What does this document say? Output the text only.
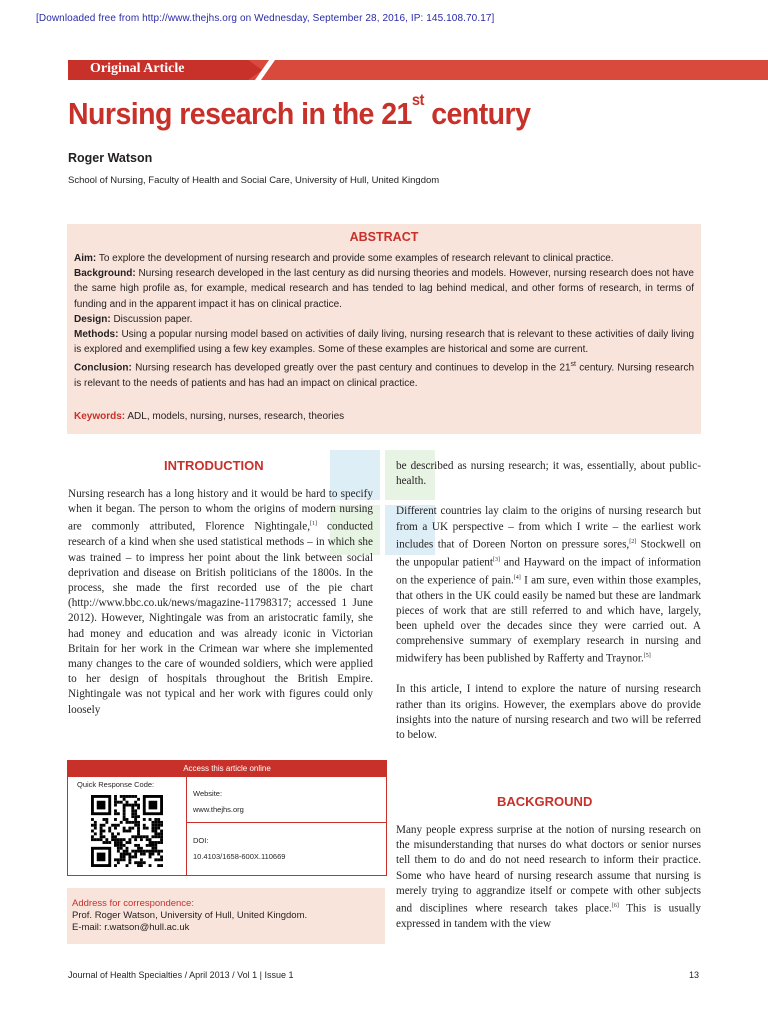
[Downloaded free from http://www.thejhs.org on Wednesday, September 28, 2016, IP: 145.108.70.17]
Original Article
Nursing research in the 21st century
Roger Watson
School of Nursing, Faculty of Health and Social Care, University of Hull, United Kingdom
ABSTRACT

Aim: To explore the development of nursing research and provide some examples of research relevant to clinical practice.

Background: Nursing research developed in the last century as did nursing theories and models. However, nursing research does not have the same high profile as, for example, medical research and has tended to lag behind medical, and other forms of research, in terms of funding and in the apparent impact it has on clinical practice.

Design: Discussion paper.

Methods: Using a popular nursing model based on activities of daily living, nursing research that is relevant to these activities of daily living is explored and exemplified using a few key examples. Some of these examples are historical and some are current.

Conclusion: Nursing research has developed greatly over the past century and continues to develop in the 21st century. Nursing research is relevant to the needs of patients and has had an impact on clinical practice.

Keywords: ADL, models, nursing, nurses, research, theories
INTRODUCTION

Nursing research has a long history and it would be hard to specify when it began. The person to whom the origins of modern nursing are commonly attributed, Florence Nightingale,[1] conducted research of a kind when she used statistical methods – in which she was trained – to impress her point about the link between social deprivation and disease on British politicians of the 1800s. In the process, she made the first recorded use of the pie chart (http://www.bbc.co.uk/news/magazine-11798317; accessed 1 June 2012). However, Nightingale was from an aristocratic family, she had money and education and was already iconic in Victorian Britain for her work in the Crimean war where she implemented many changes to the care of wounded soldiers, which were applied to her design of hospitals throughout the British Empire. Nightingale was not typical and her work with figures could only loosely

be described as nursing research; it was, essentially, about public-health.

Different countries lay claim to the origins of nursing research but from a UK perspective – from which I write – the earliest work includes that of Doreen Norton on pressure sores,[2] Stockwell on the unpopular patient[3] and Hayward on the impact of information on the experience of pain.[4] I am sure, even within those examples, that others in the UK could easily be named but these are landmark pieces of work that are still referred to and which have, largely, been upheld over the decades since they were carried out. A comprehensive summary of exemplary research in nursing and midwifery has been published by Rafferty and Traynor.[5]

In this article, I intend to explore the nature of nursing research rather than its origins. However, the exemplars above do provide insights into the nature of nursing research and two will be referred to below.

BACKGROUND

Many people express surprise at the notion of nursing research on the misunderstanding that nurses do what doctors or senior nurses tell them to do and do not need research to inform their practice. Some who have heard of nursing research assume that nursing is merely trying to aggrandize itself or compete with other subjects and disciplines where research takes place.[6] This is usually expressed in tandem with the view

Access this article online
Quick Response Code:
Website:
www.thejhs.org
DOI:
10.4103/1658-600X.110669
Address for correspondence:
Prof. Roger Watson, University of Hull, United Kingdom.
E-mail: r.watson@hull.ac.uk
Journal of Health Specialties / April 2013 / Vol 1 | Issue 1	13
